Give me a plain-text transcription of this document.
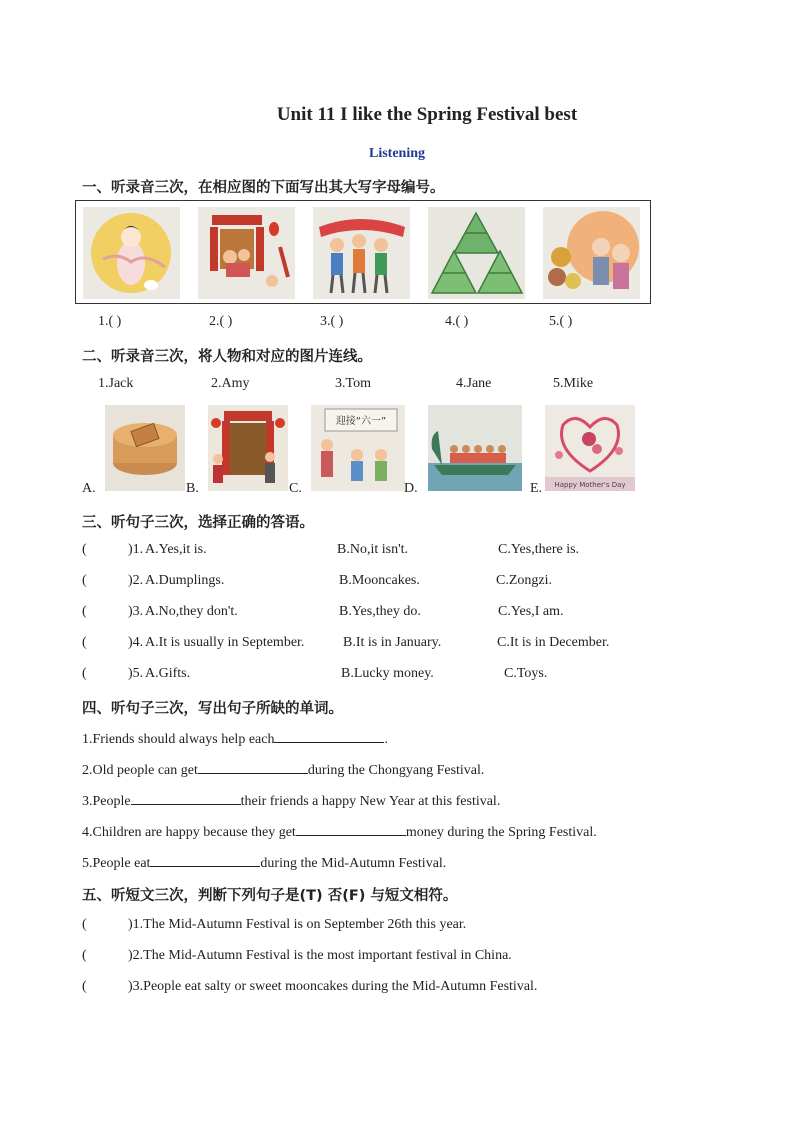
Unit 11 I like the Spring Festival best
Listening
一、听录音三次，在相应图的下面写出其大写字母编号。
1.( )	2.( )	3.( )	4.( )	5.( )
二、听录音三次，将人物和对应的图片连线。
1.Jack	2.Amy	3.Tom	4.Jane	5.Mike
A.	B.	C.
迎接“六一”
D.	E. Happy Mother's Day
三、听句子三次，选择正确的答语。
(	)1. A.Yes,it is.	B.No,it isn't.	C.Yes,there is.
(	)2. A.Dumplings.	B.Mooncakes.	C.Zongzi.
(	)3. A.No,they don't.	B.Yes,they do.	C.Yes,I am.
(	)4. A.It is usually in September.	B.It is in January.	C.It is in December.
(	)5. A.Gifts.	B.Lucky money.	C.Toys.
四、听句子三次，写出句子所缺的单词。
1.Friends should always help each	.
2.Old people can get	during the Chongyang Festival.
3.People	their friends a happy New Year at this festival.
4.Children are happy because they get	money during the Spring Festival.
5.People eat	during the Mid-Autumn Festival.
五、听短文三次，判断下列句子是(T) 否(F) 与短文相符。
(	)1.The Mid-Autumn Festival is on September 26th this year.
(	)2.The Mid-Autumn Festival is the most important festival in China.
(	)3.People eat salty or sweet mooncakes during the Mid-Autumn Festival.
